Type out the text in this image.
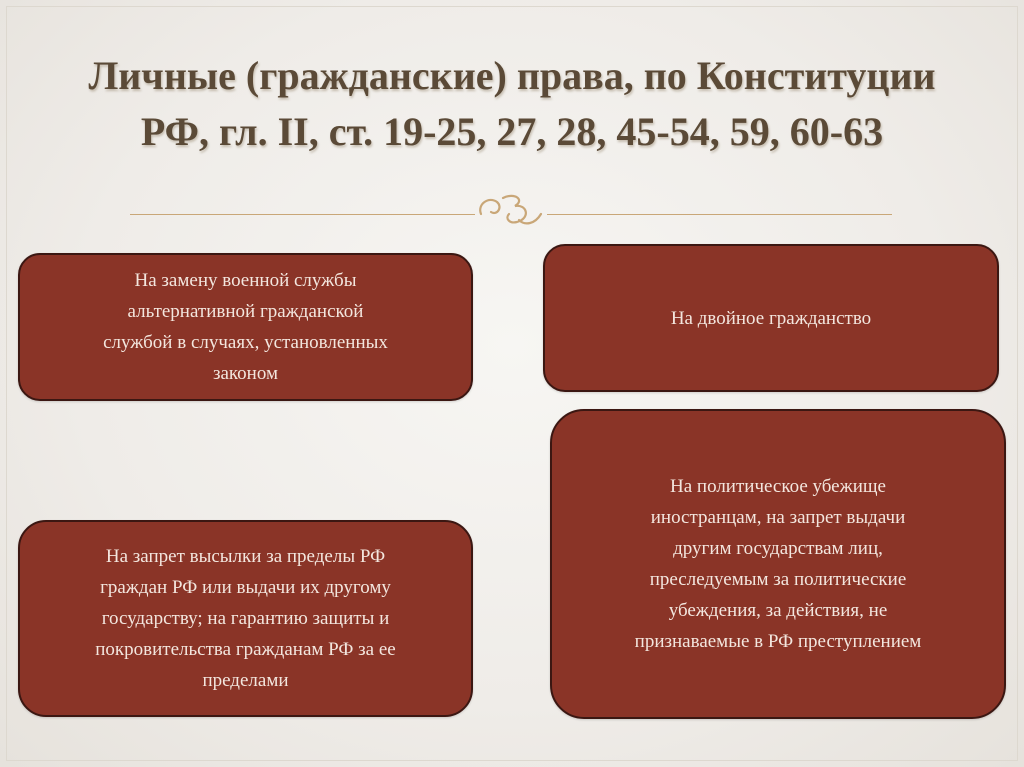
Личные (гражданские) права, по Конституции
РФ, гл. II, ст. 19-25, 27, 28, 45-54, 59, 60-63
На замену военной службы
альтернативной гражданской
службой в случаях, установленных
законом
На двойное гражданство
На политическое убежище
иностранцам, на запрет выдачи
другим государствам лиц,
преследуемым за политические
убеждения, за действия, не
признаваемые в РФ преступлением
На запрет высылки за пределы РФ
граждан РФ или выдачи их другому
государству; на гарантию защиты и
покровительства гражданам РФ за ее
пределами
